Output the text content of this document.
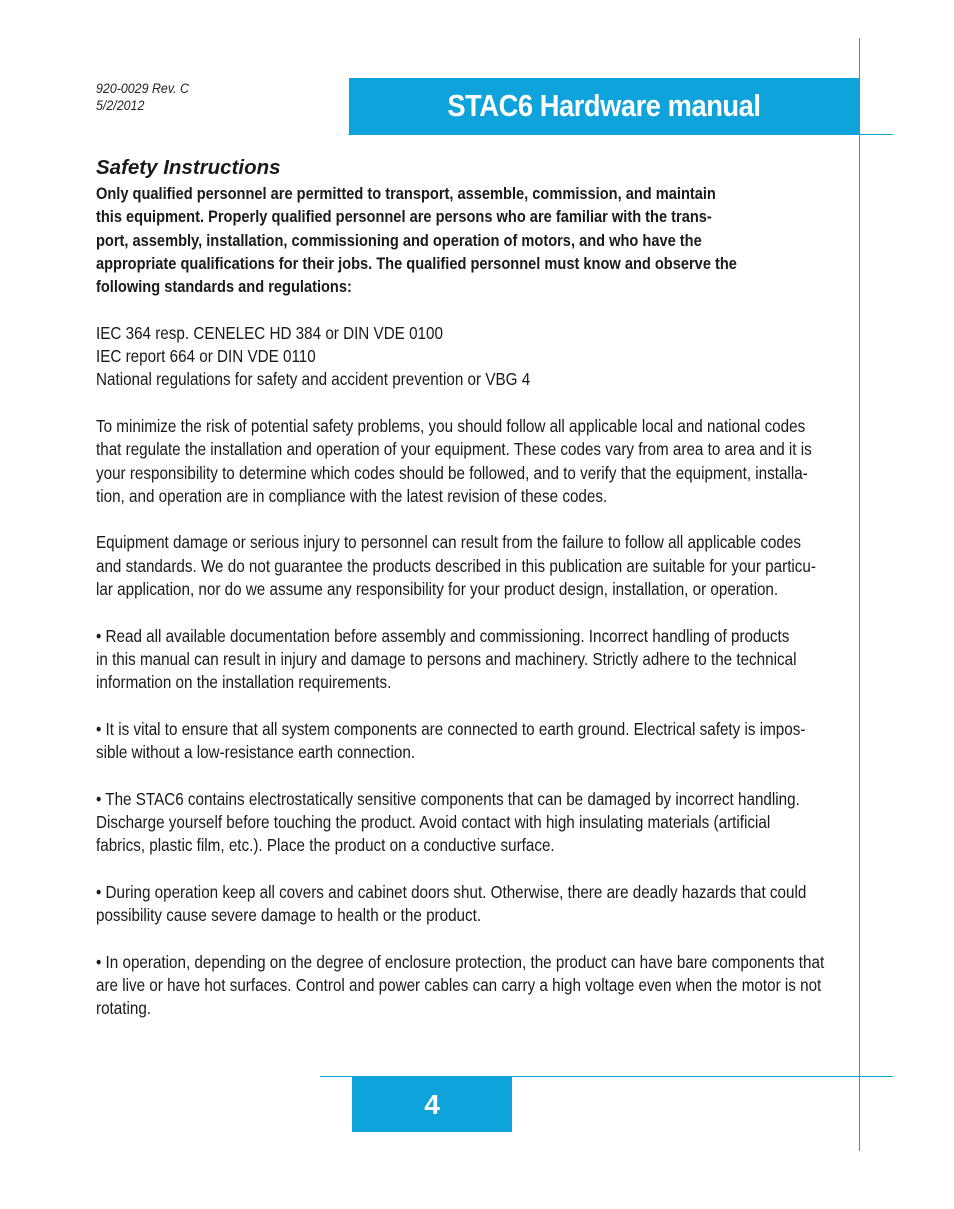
920-0029 Rev. C
5/2/2012	STAC6 Hardware manual
Safety Instructions

Only qualified personnel are permitted to transport, assemble, commission, and maintain

this equipment. Properly qualified personnel are persons who are familiar with the trans-

port, assembly, installation, commissioning and operation of motors, and who have the

appropriate qualifications for their jobs. The qualified personnel must know and observe the

following standards and regulations:

IEC 364 resp. CENELEC HD 384 or DIN VDE 0100

IEC report 664 or DIN VDE 0110

National regulations for safety and accident prevention or VBG 4

To minimize the risk of potential safety problems, you should follow all applicable local and national codes

that regulate the installation and operation of your equipment. These codes vary from area to area and it is

your responsibility to determine which codes should be followed, and to verify that the equipment, installa-

tion, and operation are in compliance with the latest revision of these codes.

Equipment damage or serious injury to personnel can result from the failure to follow all applicable codes

and standards. We do not guarantee the products described in this publication are suitable for your particu-

lar application, nor do we assume any responsibility for your product design, installation, or operation.

• Read all available documentation before assembly and commissioning. Incorrect handling of products

in this manual can result in injury and damage to persons and machinery. Strictly adhere to the technical

information on the installation requirements.

• It is vital to ensure that all system components are connected to earth ground. Electrical safety is impos-

sible without a low-resistance earth connection.

• The STAC6 contains electrostatically sensitive components that can be damaged by incorrect handling.

Discharge yourself before touching the product. Avoid contact with high insulating materials (artificial

fabrics, plastic film, etc.). Place the product on a conductive surface.

• During operation keep all covers and cabinet doors shut. Otherwise, there are deadly hazards that could

possibility cause severe damage to health or the product.

• In operation, depending on the degree of enclosure protection, the product can have bare components that

are live or have hot surfaces. Control and power cables can carry a high voltage even when the motor is not

rotating.

4
